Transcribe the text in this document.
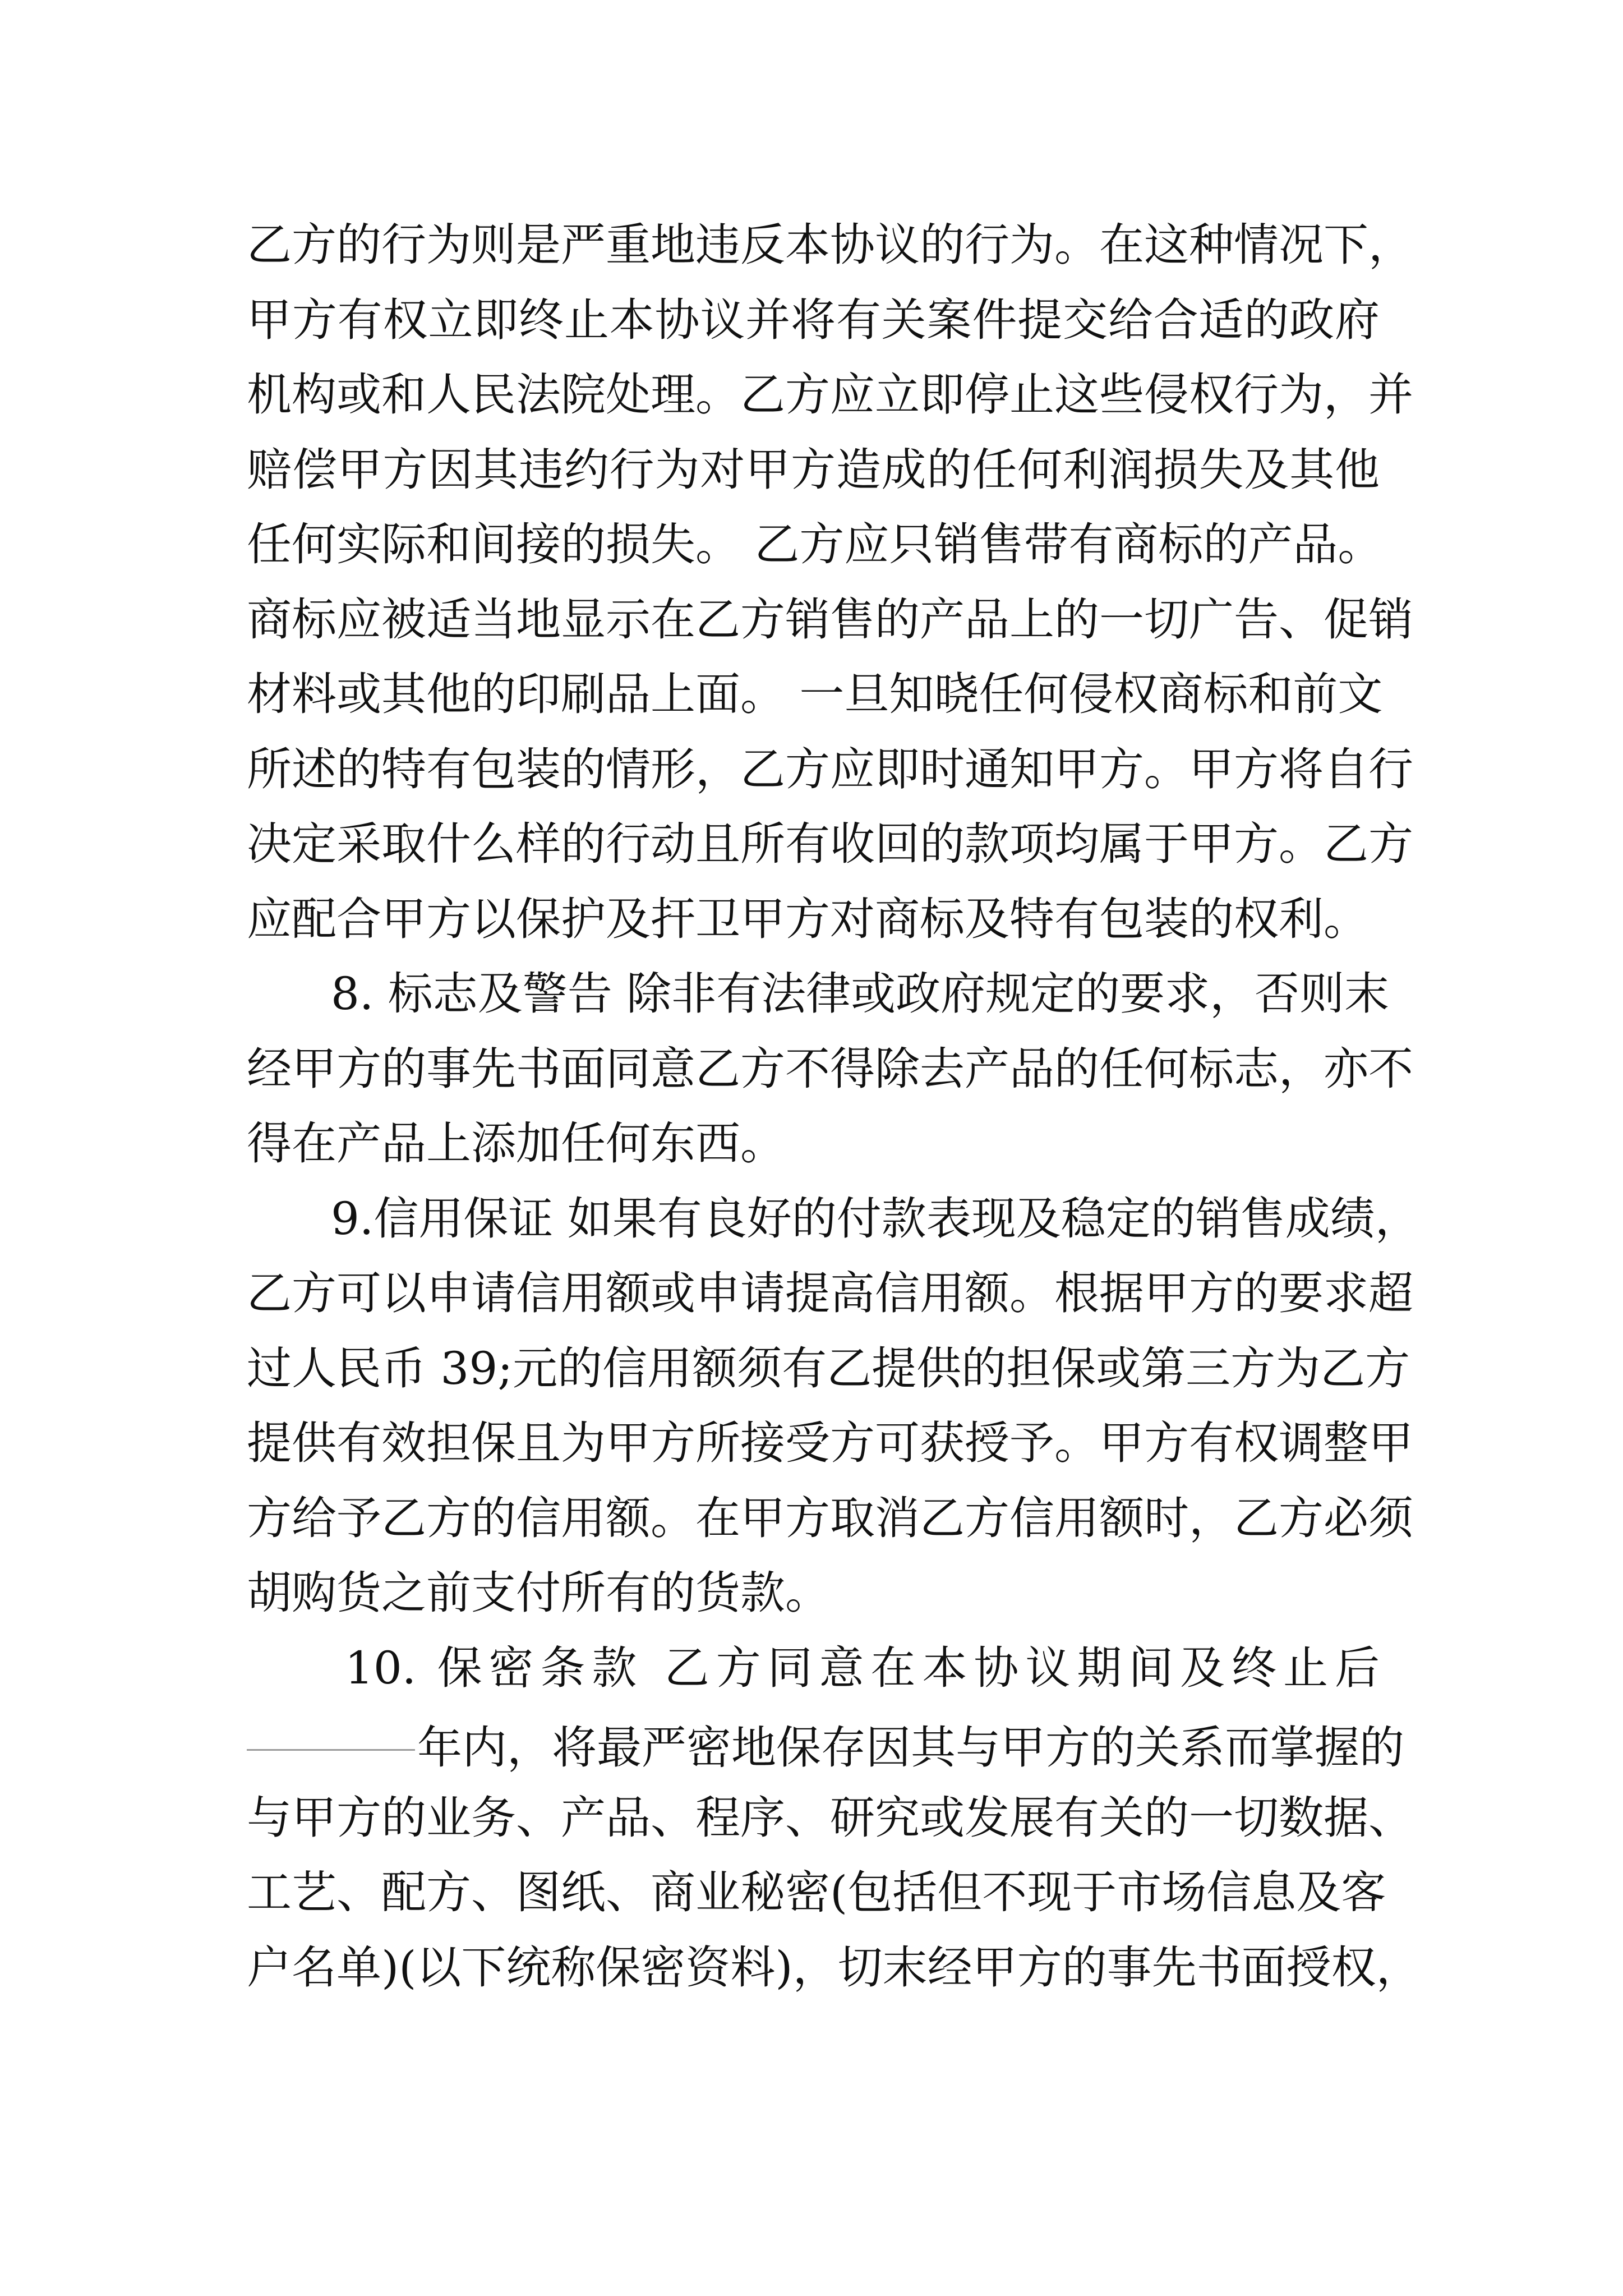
乙方的行为则是严重地违反本协议的行为。在这种情况下，
甲方有权立即终止本协议并将有关案件提交给合适的政府
机构或和人民法院处理。乙方应立即停止这些侵权行为，并
赔偿甲方因其违约行为对甲方造成的任何利润损失及其他
任何实际和间接的损失。 乙方应只销售带有商标的产品。
商标应被适当地显示在乙方销售的产品上的一切广告、促销
材料或其他的印刷品上面。 一旦知晓任何侵权商标和前文
所述的特有包装的情形，乙方应即时通知甲方。甲方将自行
决定采取什么样的行动且所有收回的款项均属于甲方。乙方
应配合甲方以保护及扞卫甲方对商标及特有包装的权利。
8. 标志及警告 除非有法律或政府规定的要求，否则末
经甲方的事先书面同意乙方不得除去产品的任何标志，亦不
得在产品上添加任何东西。
9.信用保证 如果有良好的付款表现及稳定的销售成绩，
乙方可以申请信用额或申请提高信用额。根据甲方的要求超
过人民币 39;元的信用额须有乙提供的担保或第三方为乙方
提供有效担保且为甲方所接受方可获授予。甲方有权调整甲
方给予乙方的信用额。在甲方取消乙方信用额时，乙方必须
胡购货之前支付所有的货款。
10. 保密条款 乙方同意在本协议期间及终止后
年内，将最严密地保存因其与甲方的关系而掌握的
与甲方的业务、产品、程序、研究或发展有关的一切数据、
工艺、配方、图纸、商业秘密(包括但不现于市场信息及客
户名单)(以下统称保密资料)，切末经甲方的事先书面授权，
